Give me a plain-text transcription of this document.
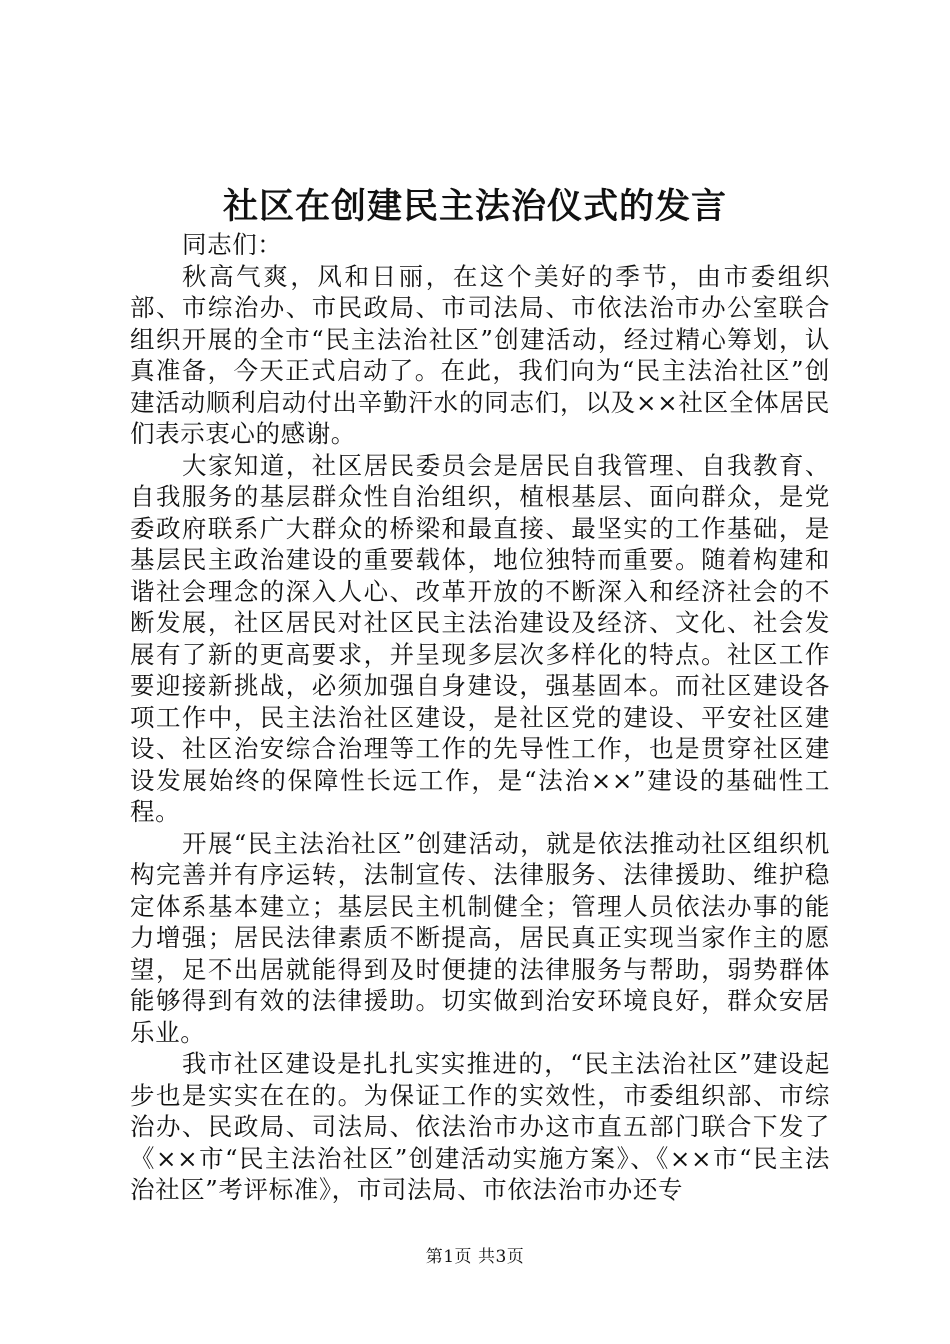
社区在创建民主法治仪式的发言

同志们：

秋高气爽，风和日丽，在这个美好的季节，由市委组织部、市综治办、市民政局、市司法局、市依法治市办公室联合组织开展的全市“民主法治社区”创建活动，经过精心筹划，认真准备，今天正式启动了。在此，我们向为“民主法治社区”创建活动顺利启动付出辛勤汗水的同志们，以及××社区全体居民们表示衷心的感谢。

大家知道，社区居民委员会是居民自我管理、自我教育、自我服务的基层群众性自治组织，植根基层、面向群众，是党委政府联系广大群众的桥梁和最直接、最坚实的工作基础，是基层民主政治建设的重要载体，地位独特而重要。随着构建和谐社会理念的深入人心、改革开放的不断深入和经济社会的不断发展，社区居民对社区民主法治建设及经济、文化、社会发展有了新的更高要求，并呈现多层次多样化的特点。社区工作要迎接新挑战，必须加强自身建设，强基固本。而社区建设各项工作中，民主法治社区建设，是社区党的建设、平安社区建设、社区治安综合治理等工作的先导性工作，也是贯穿社区建设发展始终的保障性长远工作，是“法治××”建设的基础性工程。

开展“民主法治社区”创建活动，就是依法推动社区组织机构完善并有序运转，法制宣传、法律服务、法律援助、维护稳定体系基本建立；基层民主机制健全；管理人员依法办事的能力增强；居民法律素质不断提高，居民真正实现当家作主的愿望，足不出居就能得到及时便捷的法律服务与帮助，弱势群体能够得到有效的法律援助。切实做到治安环境良好，群众安居乐业。

我市社区建设是扎扎实实推进的，“民主法治社区”建设起步也是实实在在的。为保证工作的实效性，市委组织部、市综治办、民政局、司法局、依法治市办这市直五部门联合下发了《××市“民主法治社区”创建活动实施方案》、《××市“民主法治社区”考评标准》，市司法局、市依法治市办还专

第1页 共3页
